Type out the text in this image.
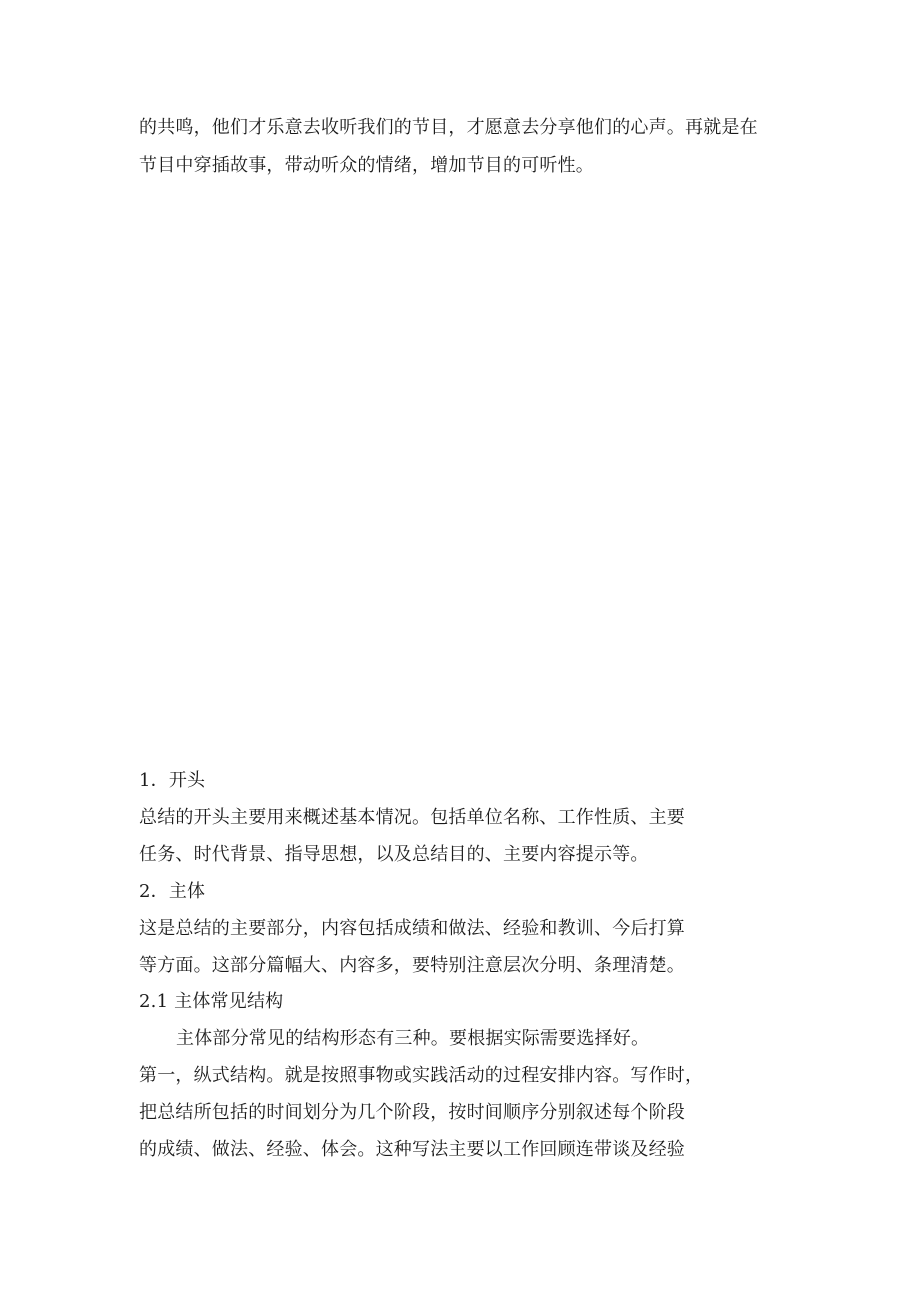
的共鸣，他们才乐意去收听我们的节目，才愿意去分享他们的心声。再就是在
节目中穿插故事，带动听众的情绪，增加节目的可听性。
1．开头
总结的开头主要用来概述基本情况。包括单位名称、工作性质、主要
任务、时代背景、指导思想，以及总结目的、主要内容提示等。
2．主体
这是总结的主要部分，内容包括成绩和做法、经验和教训、今后打算
等方面。这部分篇幅大、内容多，要特别注意层次分明、条理清楚。
2.1 主体常见结构
主体部分常见的结构形态有三种。要根据实际需要选择好。
第一，纵式结构。就是按照事物或实践活动的过程安排内容。写作时，
把总结所包括的时间划分为几个阶段，按时间顺序分别叙述每个阶段
的成绩、做法、经验、体会。这种写法主要以工作回顾连带谈及经验
